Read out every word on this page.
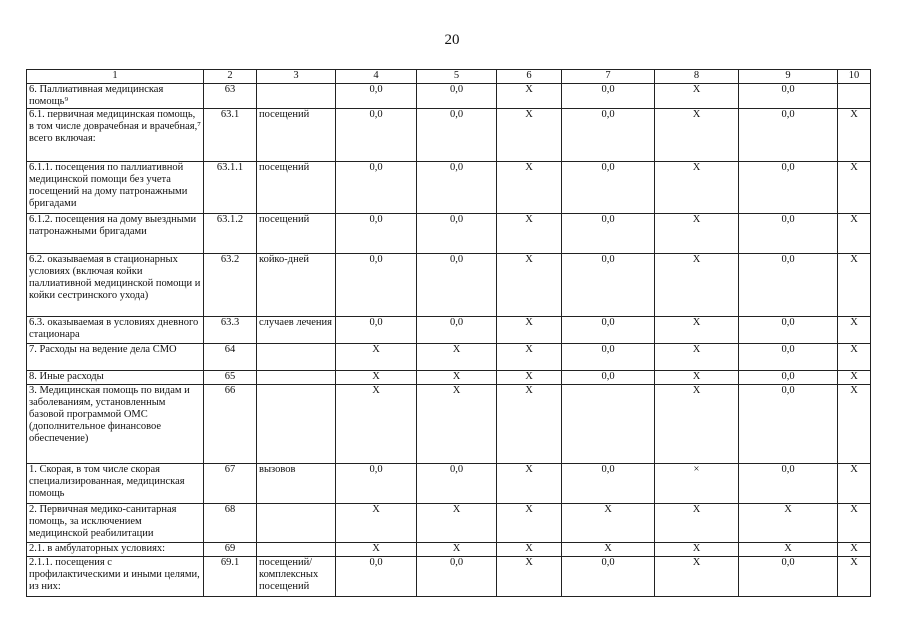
20
1	2	3	4	5	6	7	8	9	10
6. Паллиативная медицинская помощь⁹	63		0,0	0,0	Х	0,0	Х	0,0	
6.1. первичная медицинская помощь, в том числе доврачебная и врачебная,⁷ всего включая:	63.1	посещений	0,0	0,0	Х	0,0	Х	0,0	Х
6.1.1. посещения по паллиативной медицинской помощи без учета посещений на дому патронажными бригадами	63.1.1	посещений	0,0	0,0	Х	0,0	Х	0,0	Х
6.1.2. посещения на дому выездными патронажными бригадами	63.1.2	посещений	0,0	0,0	Х	0,0	Х	0,0	Х
6.2. оказываемая в стационарных условиях (включая койки паллиативной медицинской помощи и койки сестринского ухода)	63.2	койко-дней	0,0	0,0	Х	0,0	Х	0,0	Х
6.3. оказываемая в условиях дневного стационара	63.3	случаев лечения	0,0	0,0	Х	0,0	Х	0,0	Х
7. Расходы на ведение дела СМО	64		Х	Х	Х	0,0	Х	0,0	Х
8. Иные расходы	65		Х	Х	Х	0,0	Х	0,0	Х
3. Медицинская помощь по видам и заболеваниям, установленным базовой программой ОМС (дополнительное финансовое обеспечение)	66		Х	Х	Х		Х	0,0	Х
1. Скорая, в том числе скорая специализированная, медицинская помощь	67	вызовов	0,0	0,0	Х	0,0	×	0,0	Х
2. Первичная медико-санитарная помощь, за исключением медицинской реабилитации	68		Х	Х	Х	Х	Х	Х	Х
2.1. в амбулаторных условиях:	69		Х	Х	Х	Х	Х	Х	Х
2.1.1. посещения с профилактическими и иными целями, из них:	69.1	посещений/ комплексных посещений	0,0	0,0	Х	0,0	Х	0,0	Х
